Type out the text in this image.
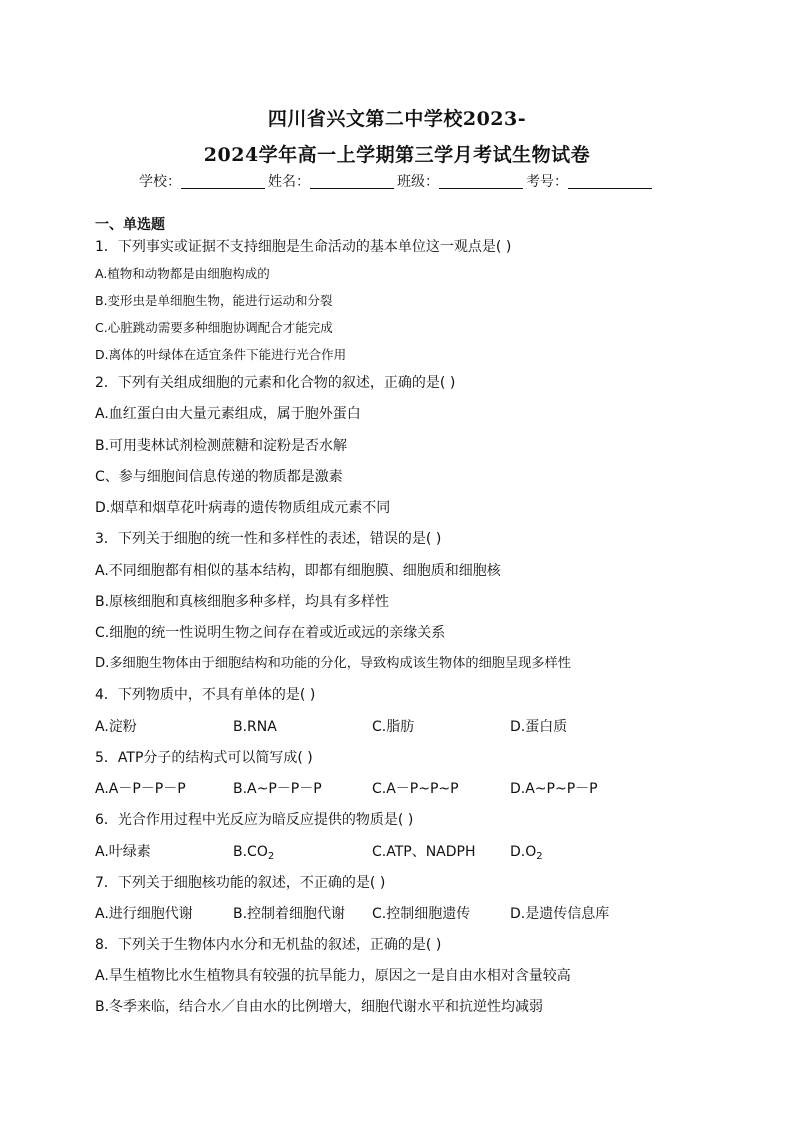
四川省兴文第二中学校2023-
2024学年高一上学期第三学月考试生物试卷
学校：	姓名：	班级：	考号：
一、单选题
1．下列事实或证据不支持细胞是生命活动的基本单位这一观点是( )
A.植物和动物都是由细胞构成的
B.变形虫是单细胞生物，能进行运动和分裂
C.心脏跳动需要多种细胞协调配合才能完成
D.离体的叶绿体在适宜条件下能进行光合作用
2．下列有关组成细胞的元素和化合物的叙述，正确的是( )
A.血红蛋白由大量元素组成，属于胞外蛋白
B.可用斐林试剂检测蔗糖和淀粉是否水解
C、参与细胞间信息传递的物质都是激素
D.烟草和烟草花叶病毒的遗传物质组成元素不同
3．下列关于细胞的统一性和多样性的表述，错误的是( )
A.不同细胞都有相似的基本结构，即都有细胞膜、细胞质和细胞核
B.原核细胞和真核细胞多种多样，均具有多样性
C.细胞的统一性说明生物之间存在着或近或远的亲缘关系
D.多细胞生物体由于细胞结构和功能的分化，导致构成该生物体的细胞呈现多样性
4．下列物质中，不具有单体的是( )
A.淀粉	B.RNA	C.脂肪	D.蛋白质
5．ATP分子的结构式可以简写成( )
A.A－P－P－P	B.A~P－P－P	C.A－P~P~P	D.A~P~P－P
6．光合作用过程中光反应为暗反应提供的物质是( )
A.叶绿素	$B.CO_2$	C.ATP、NADPH $D.O_2$
7．下列关于细胞核功能的叙述，不正确的是( )
A.进行细胞代谢	B.控制着细胞代谢 C.控制细胞遗传	D.是遗传信息库
8．下列关于生物体内水分和无机盐的叙述，正确的是( )
A.旱生植物比水生植物具有较强的抗旱能力，原因之一是自由水相对含量较高
B.冬季来临，结合水／自由水的比例增大，细胞代谢水平和抗逆性均减弱
